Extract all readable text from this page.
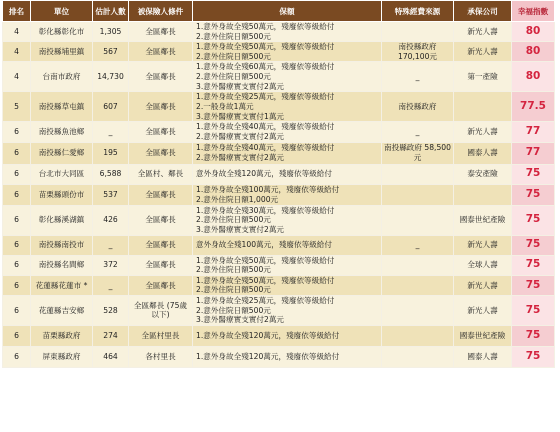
排名	單位	估計人數	被保險人條件	保額	特殊經費來源	承保公司	幸福指數
4	彰化縣彰化市	1,305	全區鄰長	1.意外身故全殘50萬元，殘廢依等級給付
2.意外住院日額500元		新光人壽	80
4	南投縣埔里鎮	567	全區鄰長	1.意外身故全殘50萬元，殘廢依等級給付
2.意外住院日額500元	南投縣政府 170,100元	新光人壽	80
4	台南市政府	14,730	全區鄰長	1.意外身故全殘60萬元，殘廢依等級給付
2.意外住院日額500元
3.意外醫療實支實付2萬元	_	第一產險	80
5	南投縣草屯鎮	607	全區鄰長	1.意外身故全殘25萬元，殘廢依等級給付
2.一般身故1萬元
3.意外醫療實支實付1萬元	南投縣政府		77.5
6	南投縣魚池鄉	_	全區鄰長	1.意外身故全殘40萬元，殘廢依等級給付
2.意外醫療實支實付2萬元	_	新光人壽	77
6	南投縣仁愛鄉	195	全區鄰長	1.意外身故全殘40萬元，殘廢依等級給付
2.意外醫療實支實付2萬元	南投縣政府 58,500元	國泰人壽	77
6	台北市大同區	6,588	全區村、鄰長	意外身故全殘120萬元，殘廢依等級給付		泰安產險	75
6	苗栗縣頭份市	537	全區鄰長	1.意外身故全殘100萬元，殘廢依等級給付
2.意外住院日額1,000元			75
6	彰化縣溪湖鎮	426	全區鄰長	1.意外身故全殘30萬元，殘廢依等級給付
2.意外住院日額500元
3.意外醫療實支實付2萬元		國泰世紀產險	75
6	南投縣南投市	_	全區鄰長	意外身故全殘100萬元，殘廢依等級給付	_	新光人壽	75
6	南投縣名間鄉	372	全區鄰長	1.意外身故全殘50萬元，殘廢依等級給付
2.意外住院日額500元		全球人壽	75
6	花蓮縣花蓮市 *	_	全區鄰長	1.意外身故全殘50萬元，殘廢依等級給付
2.意外住院日額500元		新光人壽	75
6	花蓮縣吉安鄉	528	全區鄰長 (75歲以下)	1.意外身故全殘25萬元，殘廢依等級給付
2.意外住院日額500元
3.意外醫療實支實付2萬元		新光人壽	75
6	苗栗縣政府	274	全區村里長	1.意外身故全殘120萬元，殘廢依等級給付		國泰世紀產險	75
6	屏東縣政府	464	各村里長	1.意外身故全殘120萬元，殘廢依等級給付		國泰人壽	75
